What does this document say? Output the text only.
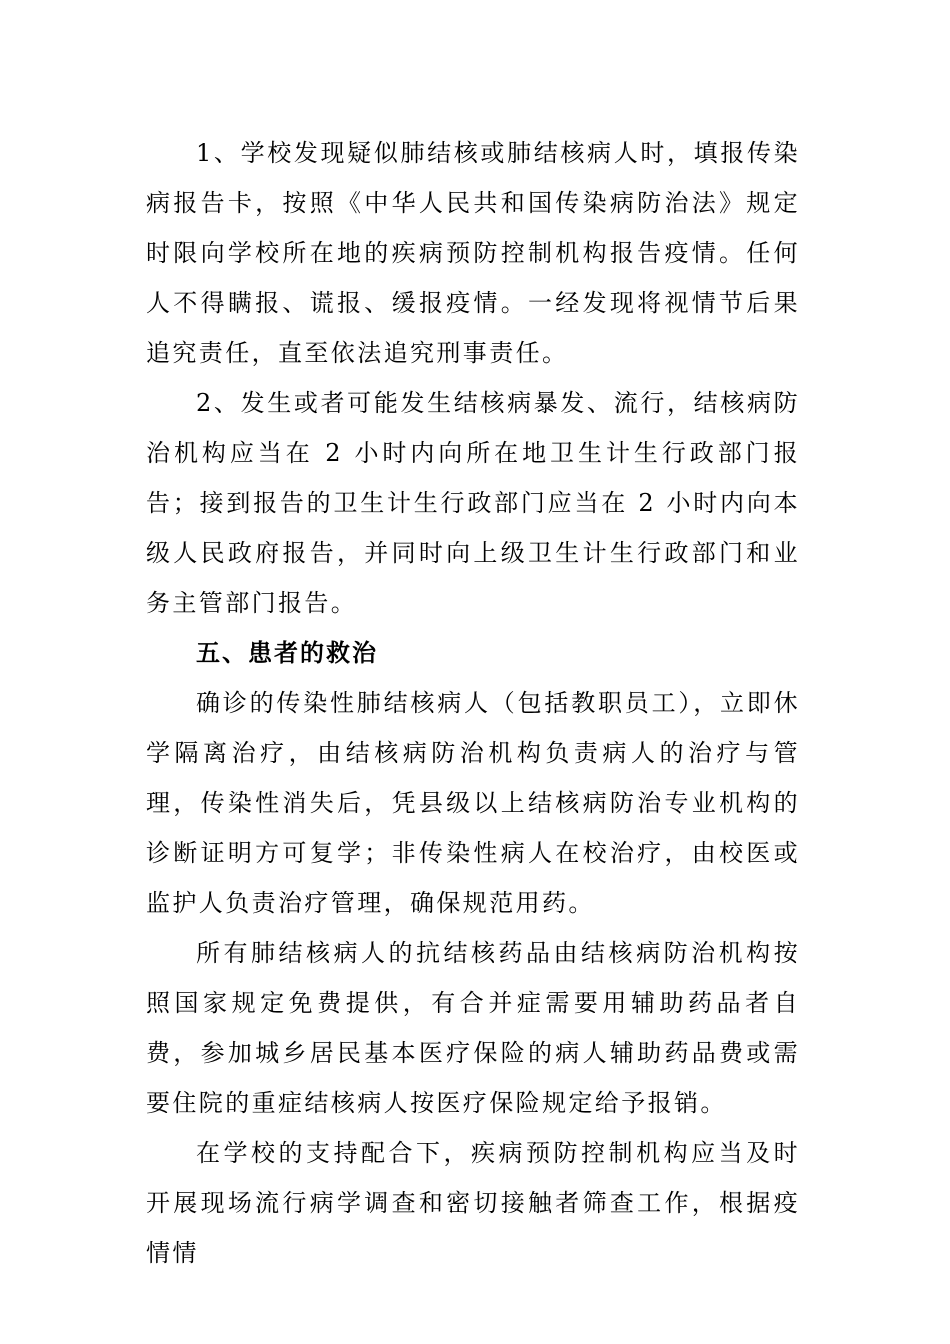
1、学校发现疑似肺结核或肺结核病人时，填报传染病报告卡，按照《中华人民共和国传染病防治法》规定时限向学校所在地的疾病预防控制机构报告疫情。任何人不得瞒报、谎报、缓报疫情。一经发现将视情节后果追究责任，直至依法追究刑事责任。

2、发生或者可能发生结核病暴发、流行，结核病防治机构应当在 2 小时内向所在地卫生计生行政部门报告；接到报告的卫生计生行政部门应当在 2 小时内向本级人民政府报告，并同时向上级卫生计生行政部门和业务主管部门报告。

五、患者的救治

确诊的传染性肺结核病人（包括教职员工），立即休学隔离治疗，由结核病防治机构负责病人的治疗与管理，传染性消失后，凭县级以上结核病防治专业机构的诊断证明方可复学；非传染性病人在校治疗，由校医或监护人负责治疗管理，确保规范用药。

所有肺结核病人的抗结核药品由结核病防治机构按照国家规定免费提供，有合并症需要用辅助药品者自费，参加城乡居民基本医疗保险的病人辅助药品费或需要住院的重症结核病人按医疗保险规定给予报销。

在学校的支持配合下，疾病预防控制机构应当及时开展现场流行病学调查和密切接触者筛查工作，根据疫情情
